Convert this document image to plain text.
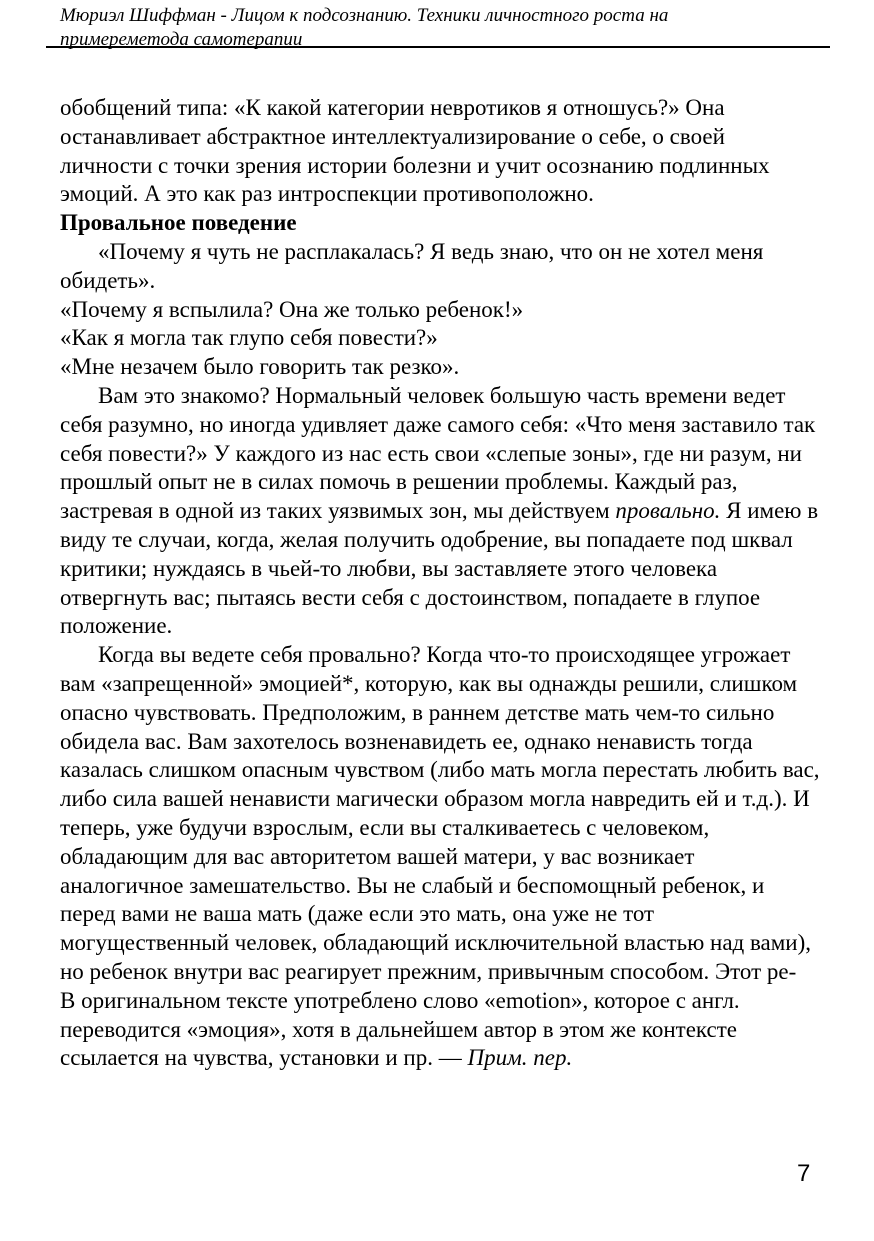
Мюриэл Шиффман - Лицом к подсознанию. Техники личностного роста на
примереметода самотерапии

обобщений типа: «К какой категории невротиков я отношусь?» Она останавливает абстрактное интеллектуализирование о себе, о своей личности с точки зрения истории болезни и учит осознанию подлинных эмоций. А это как раз интроспекции противоположно.

Провальное поведение

«Почему я чуть не расплакалась? Я ведь знаю, что он не хотел меня обидеть».

«Почему я вспылила? Она же только ребенок!»

«Как я могла так глупо себя повести?»

«Мне незачем было говорить так резко».

Вам это знакомо? Нормальный человек большую часть времени ведет себя разумно, но иногда удивляет даже самого себя: «Что меня заставило так себя повести?» У каждого из нас есть свои «слепые зоны», где ни разум, ни прошлый опыт не в силах помочь в решении проблемы. Каждый раз, застревая в одной из таких уязвимых зон, мы действуем провально. Я имею в виду те случаи, когда, желая получить одобрение, вы попадаете под шквал критики; нуждаясь в чьей-то любви, вы заставляете этого человека отвергнуть вас; пытаясь вести себя с достоинством, попадаете в глупое положение.

Когда вы ведете себя провально? Когда что-то происходящее угрожает вам «запрещенной» эмоцией*, которую, как вы однажды решили, слишком опасно чувствовать. Предположим, в раннем детстве мать чем-то сильно обидела вас. Вам захотелось возненавидеть ее, однако ненависть тогда казалась слишком опасным чувством (либо мать могла перестать любить вас, либо сила вашей ненависти магически образом могла навредить ей и т.д.). И теперь, уже будучи взрослым, если вы сталкиваетесь с человеком, обладающим для вас авторитетом вашей матери, у вас возникает аналогичное замешательство. Вы не слабый и беспомощный ребенок, и перед вами не ваша мать (даже если это мать, она уже не тот могущественный человек, обладающий исключительной властью над вами), но ребенок внутри вас реагирует прежним, привычным способом. Этот ре-

В оригинальном тексте употреблено слово «emotion», которое с англ. переводится «эмоция», хотя в дальнейшем автор в этом же контексте ссылается на чувства, установки и пр. — Прим. пер.

7
